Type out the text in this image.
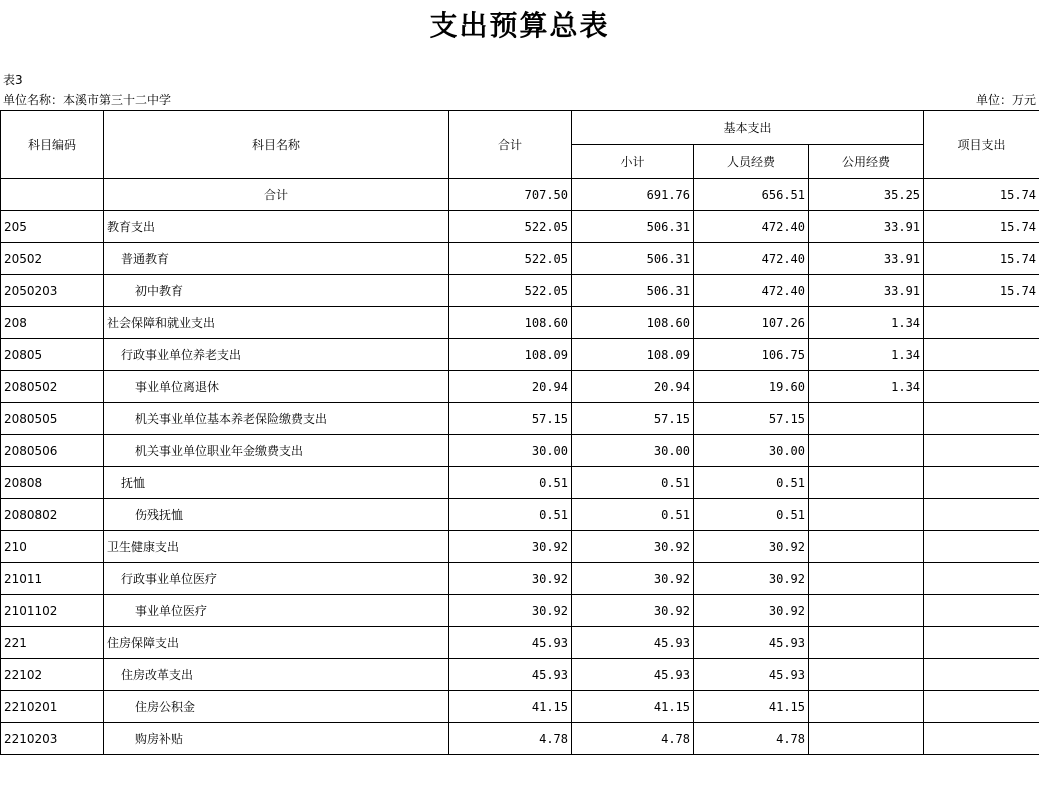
支出预算总表
表3
单位名称：本溪市第三十二中学	单位：万元
科目编码	科目名称	合计	基本支出			项目支出
			小计	人员经费	公用经费	
	合计	707.50	691.76	656.51	35.25	15.74
205	教育支出	522.05	506.31	472.40	33.91	15.74
20502	普通教育	522.05	506.31	472.40	33.91	15.74
2050203	初中教育	522.05	506.31	472.40	33.91	15.74
208	社会保障和就业支出	108.60	108.60	107.26	1.34	
20805	行政事业单位养老支出	108.09	108.09	106.75	1.34	
2080502	事业单位离退休	20.94	20.94	19.60	1.34	
2080505	机关事业单位基本养老保险缴费支出	57.15	57.15	57.15		
2080506	机关事业单位职业年金缴费支出	30.00	30.00	30.00		
20808	抚恤	0.51	0.51	0.51		
2080802	伤残抚恤	0.51	0.51	0.51		
210	卫生健康支出	30.92	30.92	30.92		
21011	行政事业单位医疗	30.92	30.92	30.92		
2101102	事业单位医疗	30.92	30.92	30.92		
221	住房保障支出	45.93	45.93	45.93		
22102	住房改革支出	45.93	45.93	45.93		
2210201	住房公积金	41.15	41.15	41.15		
2210203	购房补贴	4.78	4.78	4.78		
